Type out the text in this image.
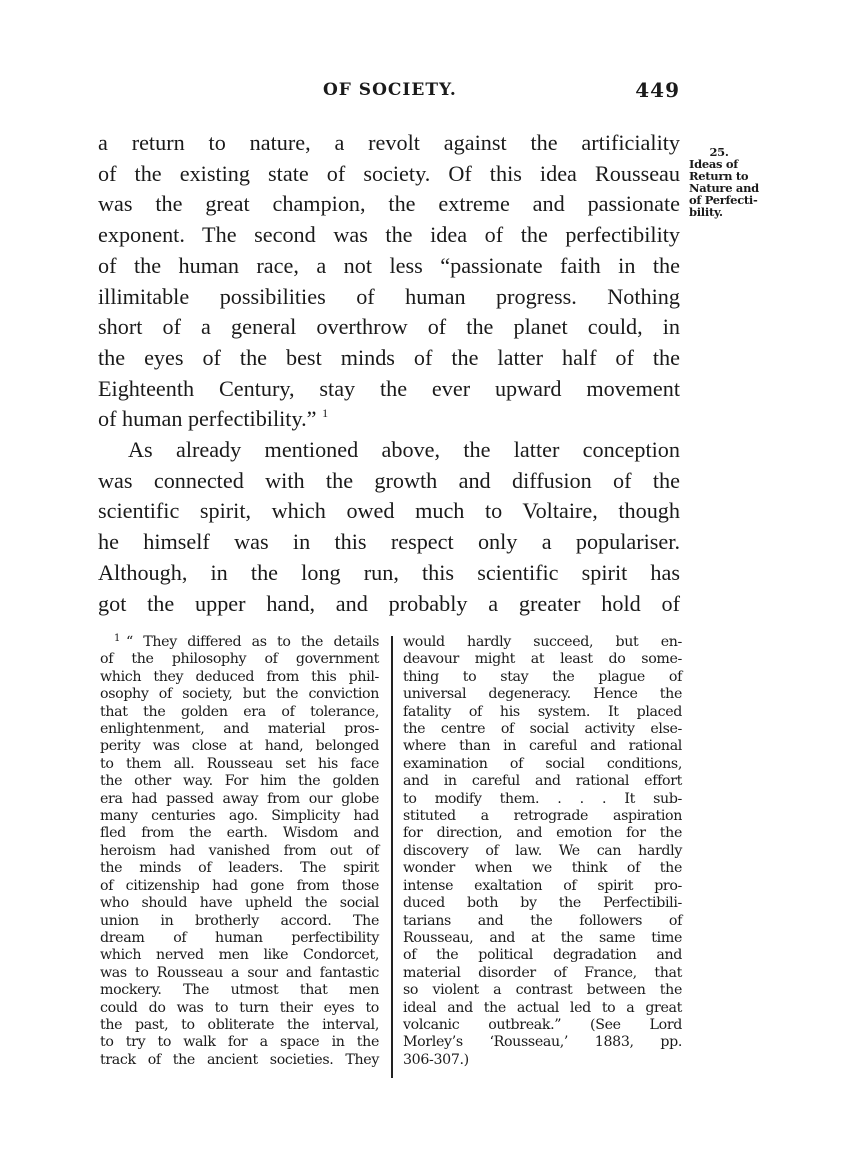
OF SOCIETY.	449
25.
Ideas of
Return to
Nature and
of Perfecti-
bility.
a return to nature, a revolt against the artificiality
of the existing state of society. Of this idea Rousseau
was the great champion, the extreme and passionate
exponent. The second was the idea of the perfectibility
of the human race, a not less “passionate faith in the
illimitable possibilities of human progress. Nothing
short of a general overthrow of the planet could, in
the eyes of the best minds of the latter half of the
Eighteenth Century, stay the ever upward movement
of human perfectibility.” $^1$
As already mentioned above, the latter conception
was connected with the growth and diffusion of the
scientific spirit, which owed much to Voltaire, though
he himself was in this respect only a populariser.
Although, in the long run, this scientific spirit has
got the upper hand, and probably a greater hold of
$^1$ “ They differed as to the details
of the philosophy of government
which they deduced from this phil-
osophy of society, but the conviction
that the golden era of tolerance,
enlightenment, and material pros-
perity was close at hand, belonged
to them all. Rousseau set his face
the other way. For him the golden
era had passed away from our globe
many centuries ago. Simplicity had
fled from the earth. Wisdom and
heroism had vanished from out of
the minds of leaders. The spirit
of citizenship had gone from those
who should have upheld the social
union in brotherly accord. The
dream of human perfectibility
which nerved men like Condorcet,
was to Rousseau a sour and fantastic
mockery. The utmost that men
could do was to turn their eyes to
the past, to obliterate the interval,
to try to walk for a space in the
track of the ancient societies. They
would hardly succeed, but en-
deavour might at least do some-
thing to stay the plague of
universal degeneracy. Hence the
fatality of his system. It placed
the centre of social activity else-
where than in careful and rational
examination of social conditions,
and in careful and rational effort
to modify them. . . . It sub-
stituted a retrograde aspiration
for direction, and emotion for the
discovery of law. We can hardly
wonder when we think of the
intense exaltation of spirit pro-
duced both by the Perfectibili-
tarians and the followers of
Rousseau, and at the same time
of the political degradation and
material disorder of France, that
so violent a contrast between the
ideal and the actual led to a great
volcanic outbreak.” (See Lord
Morley’s ‘Rousseau,’ 1883, pp.
306-307.)
